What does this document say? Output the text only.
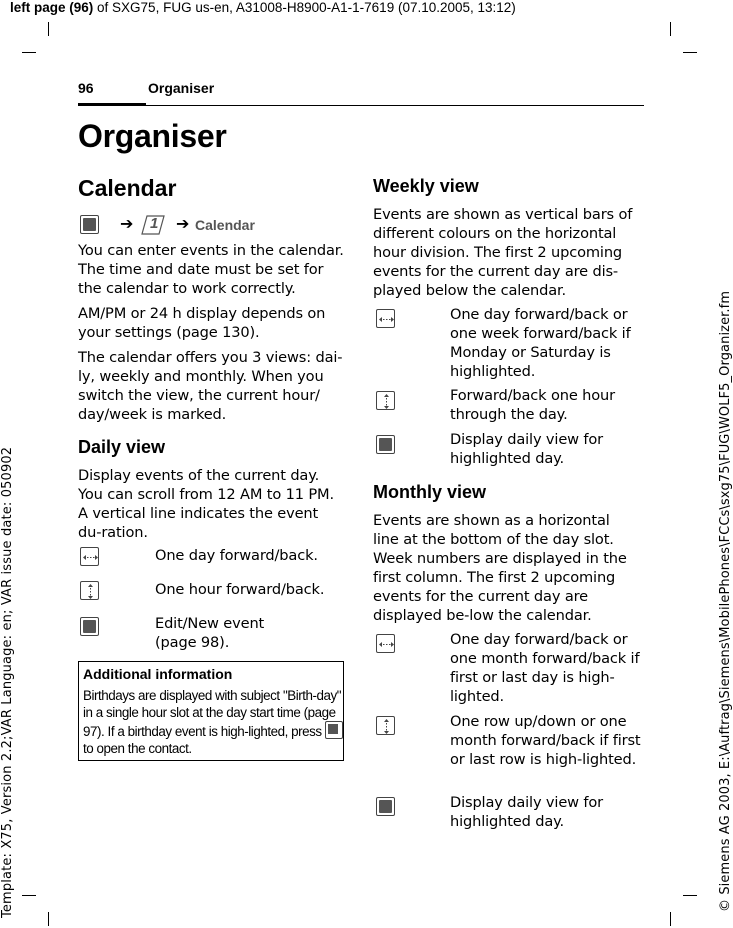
left page (96) of SXG75, FUG us-en, A31008-H8900-A1-1-7619 (07.10.2005, 13:12)
Template: X75, Version 2.2;VAR Language: en; VAR issue date: 050902	© Siemens AG 2003, E:\Auftrag\Siemens\MobilePhones\FCCs\sxg75\FUG\WOLF5_Organizer.fm
96	Organiser
Organiser
Calendar
➔ 1 ➔ Calendar
You can enter events in the calendar. The time and date must be set for the calendar to work correctly.
AM/PM or 24 h display depends on your settings (page 130).
The calendar offers you 3 views: dai-ly, weekly and monthly. When you switch the view, the current hour/ day/week is marked.
Daily view
Display events of the current day. You can scroll from 12 AM to 11 PM. A vertical line indicates the event du-ration.
One day forward/back.
One hour forward/back.
Edit/New event
(page 98).
Additional information
Birthdays are displayed with subject "Birth-day" in a single hour slot at the day start time (page 97). If a birthday event is high-lighted, press  to open the contact.
Weekly view
Events are shown as vertical bars of different colours on the horizontal hour division. The first 2 upcoming events for the current day are dis-played below the calendar.
One day forward/back or one week forward/back if Monday or Saturday is highlighted.
Forward/back one hour through the day.
Display daily view for highlighted day.
Monthly view
Events are shown as a horizontal line at the bottom of the day slot. Week numbers are displayed in the first column. The first 2 upcoming events for the current day are displayed be-low the calendar.
One day forward/back or one month forward/back if first or last day is high-lighted.
One row up/down or one month forward/back if first or last row is high-lighted.
Display daily view for highlighted day.
